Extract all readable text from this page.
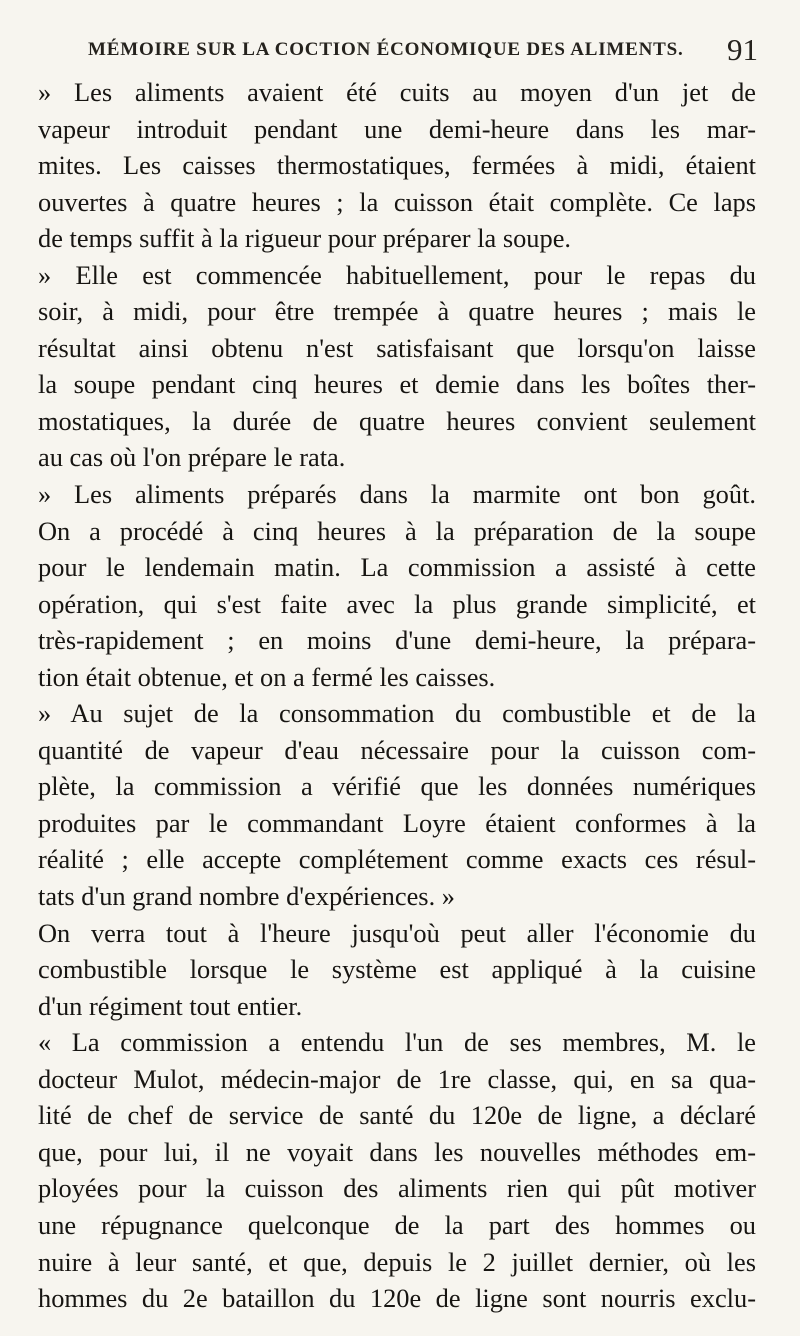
MÉMOIRE SUR LA COCTION ÉCONOMIQUE DES ALIMENTS. 91
» Les aliments avaient été cuits au moyen d'un jet de
vapeur introduit pendant une demi-heure dans les mar-
mites. Les caisses thermostatiques, fermées à midi, étaient
ouvertes à quatre heures ; la cuisson était complète. Ce laps
de temps suffit à la rigueur pour préparer la soupe.
» Elle est commencée habituellement, pour le repas du
soir, à midi, pour être trempée à quatre heures ; mais le
résultat ainsi obtenu n'est satisfaisant que lorsqu'on laisse
la soupe pendant cinq heures et demie dans les boîtes ther-
mostatiques, la durée de quatre heures convient seulement
au cas où l'on prépare le rata.
» Les aliments préparés dans la marmite ont bon goût.
On a procédé à cinq heures à la préparation de la soupe
pour le lendemain matin. La commission a assisté à cette
opération, qui s'est faite avec la plus grande simplicité, et
très-rapidement ; en moins d'une demi-heure, la prépara-
tion était obtenue, et on a fermé les caisses.
» Au sujet de la consommation du combustible et de la
quantité de vapeur d'eau nécessaire pour la cuisson com-
plète, la commission a vérifié que les données numériques
produites par le commandant Loyre étaient conformes à la
réalité ; elle accepte complétement comme exacts ces résul-
tats d'un grand nombre d'expériences. »
On verra tout à l'heure jusqu'où peut aller l'économie du
combustible lorsque le système est appliqué à la cuisine
d'un régiment tout entier.
« La commission a entendu l'un de ses membres, M. le
docteur Mulot, médecin-major de 1re classe, qui, en sa qua-
lité de chef de service de santé du 120e de ligne, a déclaré
que, pour lui, il ne voyait dans les nouvelles méthodes em-
ployées pour la cuisson des aliments rien qui pût motiver
une répugnance quelconque de la part des hommes ou
nuire à leur santé, et que, depuis le 2 juillet dernier, où les
hommes du 2e bataillon du 120e de ligne sont nourris exclu-
